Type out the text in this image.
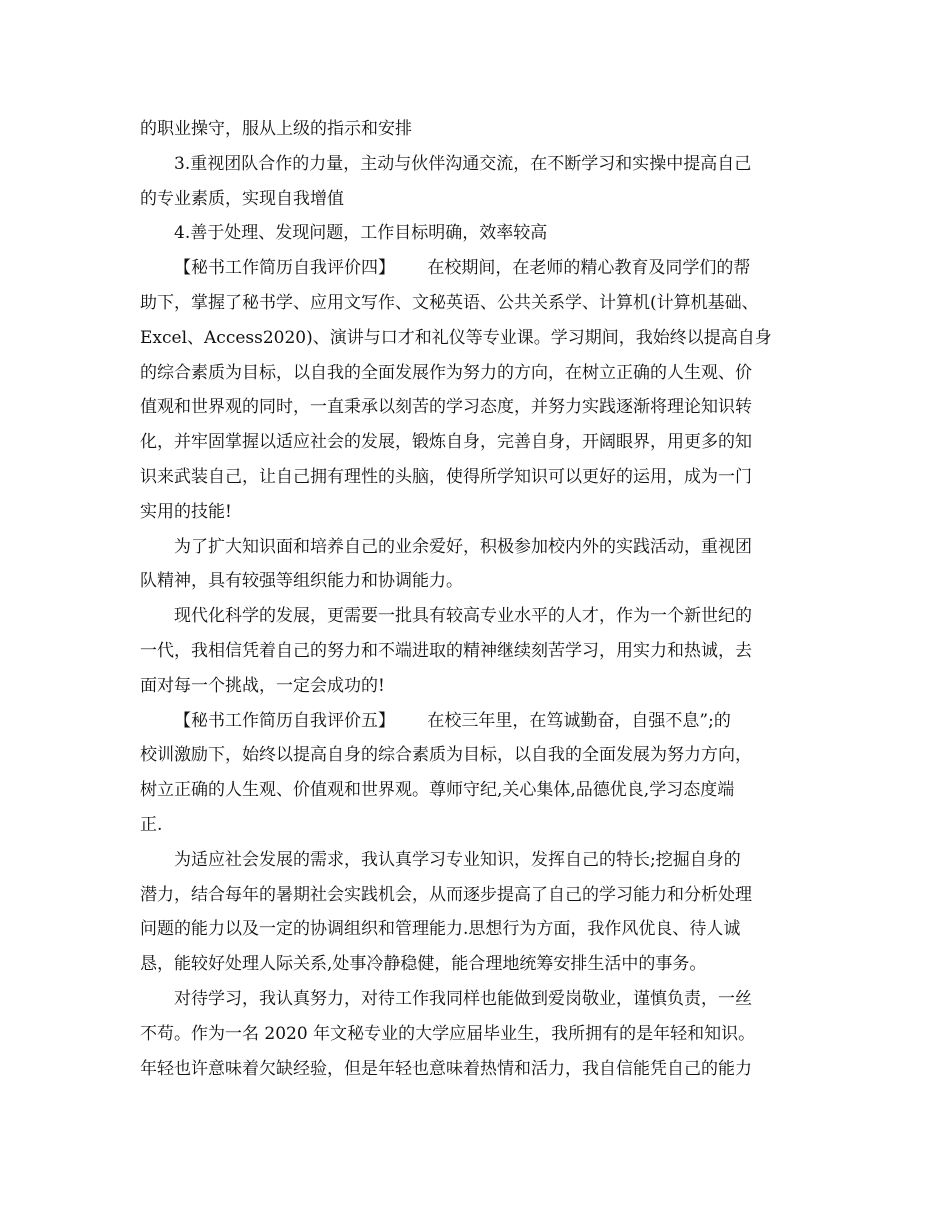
的职业操守，服从上级的指示和安排
3.重视团队合作的力量，主动与伙伴沟通交流，在不断学习和实操中提高自己
的专业素质，实现自我增值
4.善于处理、发现问题，工作目标明确，效率较高
【秘书工作简历自我评价四】      在校期间，在老师的精心教育及同学们的帮
助下，掌握了秘书学、应用文写作、文秘英语、公共关系学、计算机(计算机基础、
Excel、Access2020)、演讲与口才和礼仪等专业课。学习期间，我始终以提高自身
的综合素质为目标，以自我的全面发展作为努力的方向，在树立正确的人生观、价
值观和世界观的同时，一直秉承以刻苦的学习态度，并努力实践逐渐将理论知识转
化，并牢固掌握以适应社会的发展，锻炼自身，完善自身，开阔眼界，用更多的知
识来武装自己，让自己拥有理性的头脑，使得所学知识可以更好的运用，成为一门
实用的技能!
为了扩大知识面和培养自己的业余爱好，积极参加校内外的实践活动，重视团
队精神，具有较强等组织能力和协调能力。
现代化科学的发展，更需要一批具有较高专业水平的人才，作为一个新世纪的
一代，我相信凭着自己的努力和不端进取的精神继续刻苦学习，用实力和热诚，去
面对每一个挑战，一定会成功的!
【秘书工作简历自我评价五】      在校三年里，在笃诚勤奋，自强不息”;的
校训激励下，始终以提高自身的综合素质为目标，以自我的全面发展为努力方向，
树立正确的人生观、价值观和世界观。尊师守纪,关心集体,品德优良,学习态度端
正.
为适应社会发展的需求，我认真学习专业知识，发挥自己的特长;挖掘自身的
潜力，结合每年的暑期社会实践机会，从而逐步提高了自己的学习能力和分析处理
问题的能力以及一定的协调组织和管理能力.思想行为方面，我作风优良、待人诚
恳，能较好处理人际关系,处事冷静稳健，能合理地统筹安排生活中的事务。
对待学习，我认真努力，对待工作我同样也能做到爱岗敬业，谨慎负责，一丝
不苟。作为一名 2020 年文秘专业的大学应届毕业生，我所拥有的是年轻和知识。
年轻也许意味着欠缺经验，但是年轻也意味着热情和活力，我自信能凭自己的能力
